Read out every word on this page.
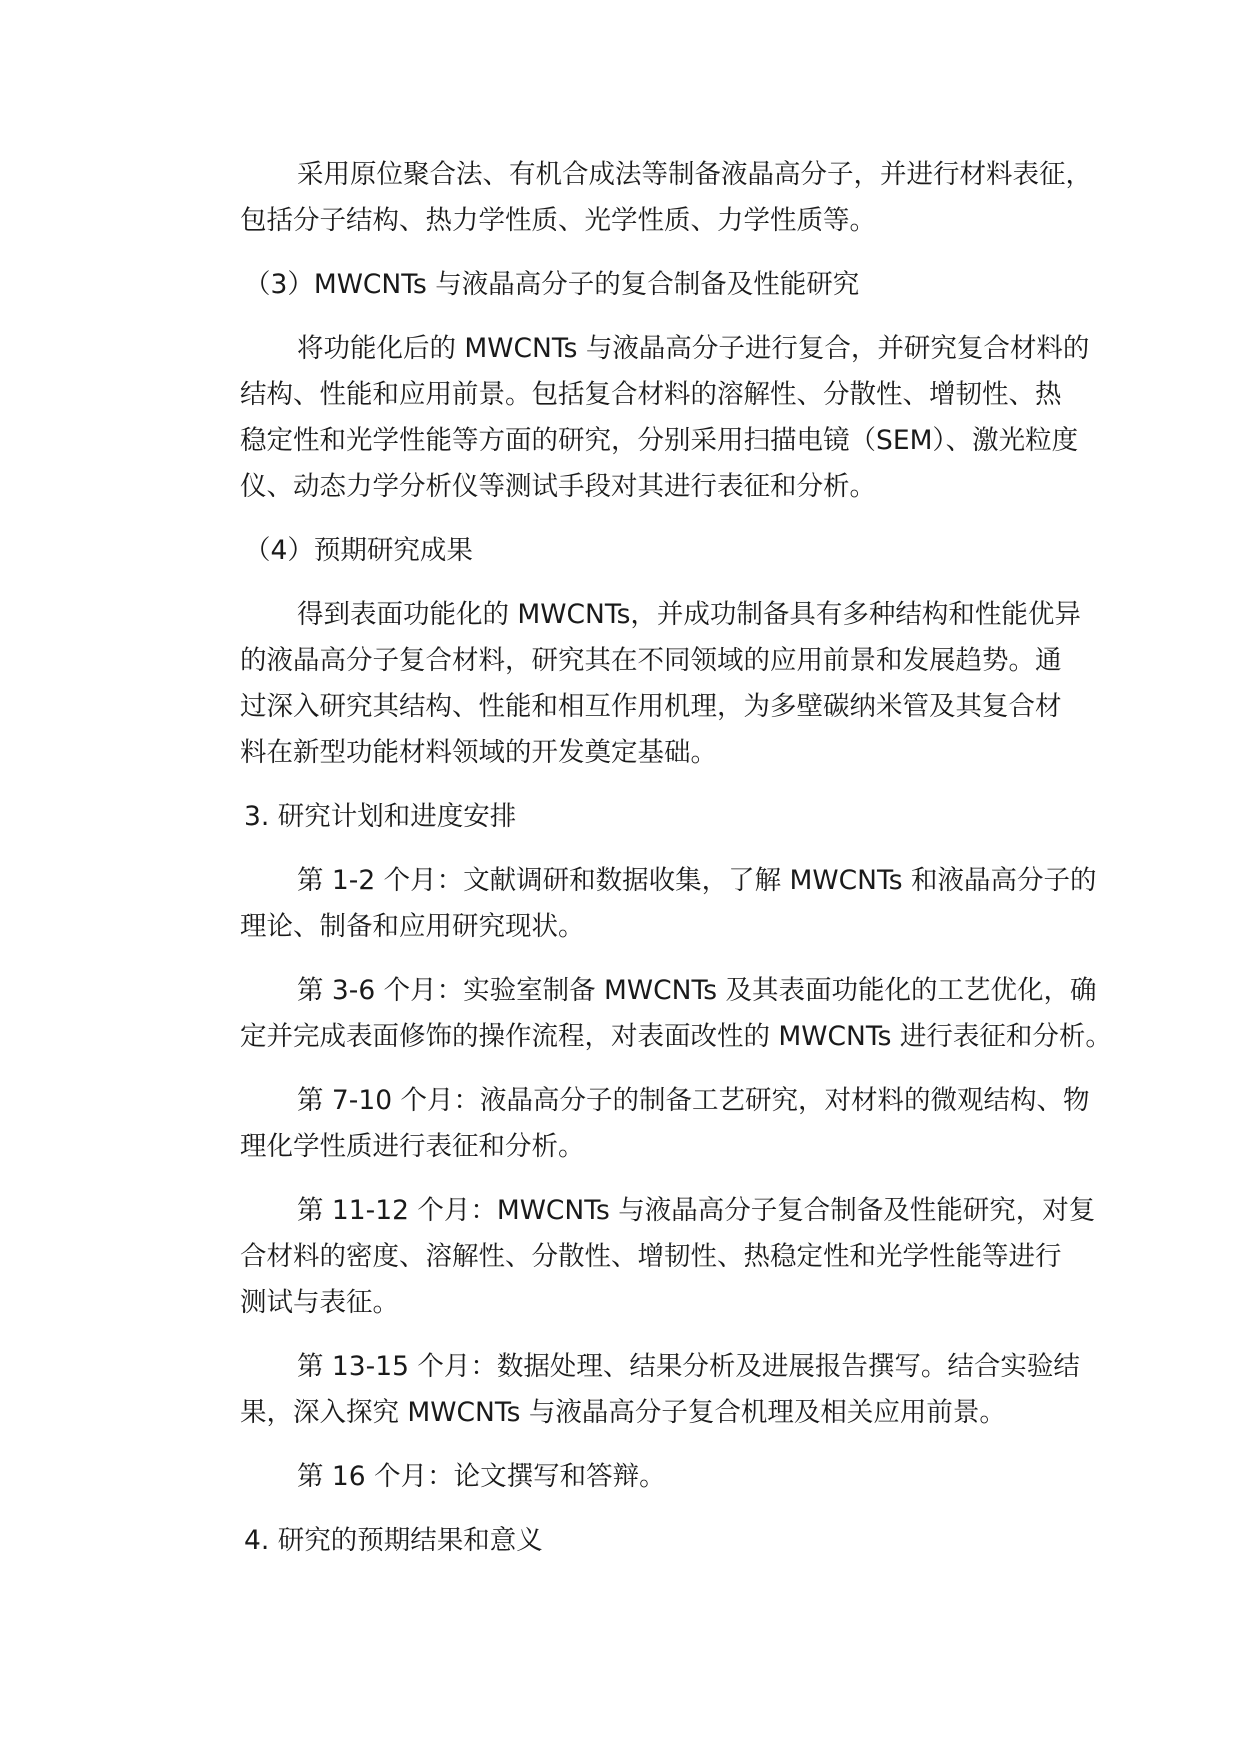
采用原位聚合法、有机合成法等制备液晶高分子，并进行材料表征，
包括分子结构、热力学性质、光学性质、力学性质等。
（3）MWCNTs 与液晶高分子的复合制备及性能研究
将功能化后的 MWCNTs 与液晶高分子进行复合，并研究复合材料的
结构、性能和应用前景。包括复合材料的溶解性、分散性、增韧性、热
稳定性和光学性能等方面的研究，分别采用扫描电镜（SEM）、激光粒度
仪、动态力学分析仪等测试手段对其进行表征和分析。
（4）预期研究成果
得到表面功能化的 MWCNTs，并成功制备具有多种结构和性能优异
的液晶高分子复合材料，研究其在不同领域的应用前景和发展趋势。通
过深入研究其结构、性能和相互作用机理，为多壁碳纳米管及其复合材
料在新型功能材料领域的开发奠定基础。
3. 研究计划和进度安排
第 1-2 个月：文献调研和数据收集，了解 MWCNTs 和液晶高分子的
理论、制备和应用研究现状。
第 3-6 个月：实验室制备 MWCNTs 及其表面功能化的工艺优化，确
定并完成表面修饰的操作流程，对表面改性的 MWCNTs 进行表征和分析。
第 7-10 个月：液晶高分子的制备工艺研究，对材料的微观结构、物
理化学性质进行表征和分析。
第 11-12 个月：MWCNTs 与液晶高分子复合制备及性能研究，对复
合材料的密度、溶解性、分散性、增韧性、热稳定性和光学性能等进行
测试与表征。
第 13-15 个月：数据处理、结果分析及进展报告撰写。结合实验结
果，深入探究 MWCNTs 与液晶高分子复合机理及相关应用前景。
第 16 个月：论文撰写和答辩。
4. 研究的预期结果和意义
